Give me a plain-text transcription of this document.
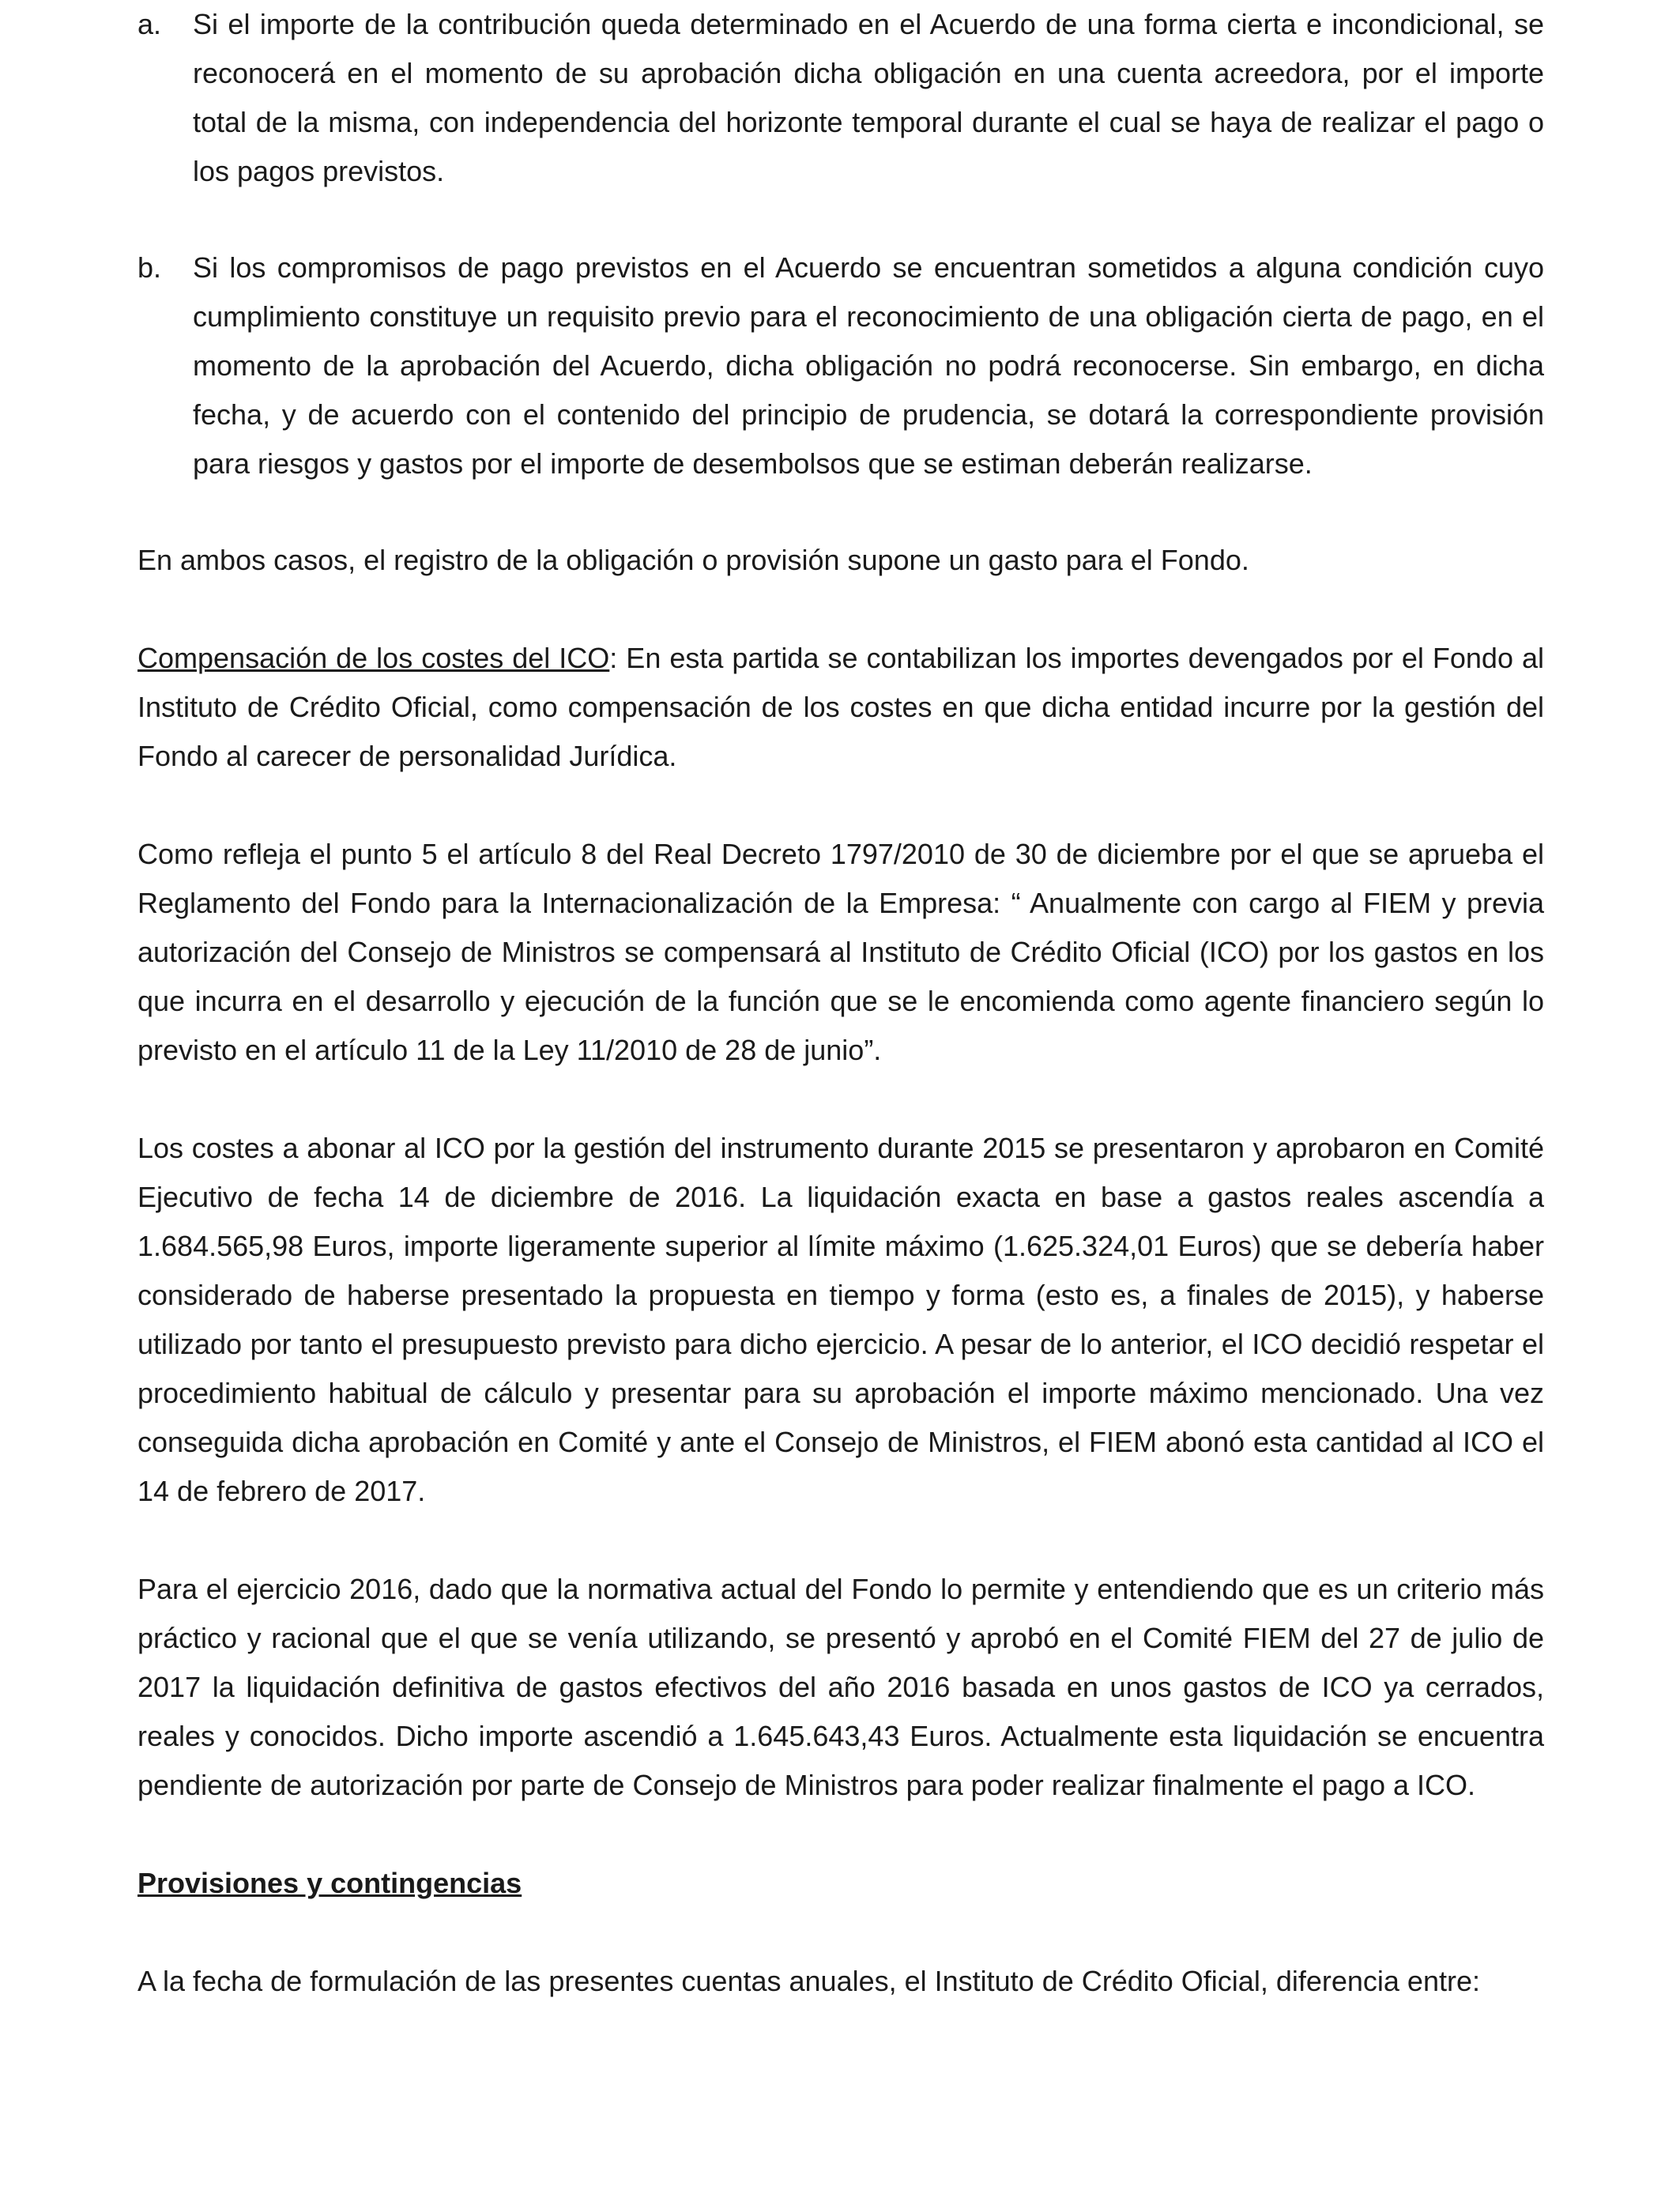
a. Si el importe de la contribución queda determinado en el Acuerdo de una forma cierta e incondicional, se reconocerá en el momento de su aprobación dicha obligación en una cuenta acreedora, por el importe total de la misma, con independencia del horizonte temporal durante el cual se haya de realizar el pago o los pagos previstos.

b. Si los compromisos de pago previstos en el Acuerdo se encuentran sometidos a alguna condición cuyo cumplimiento constituye un requisito previo para el reconocimiento de una obligación cierta de pago, en el momento de la aprobación del Acuerdo, dicha obligación no podrá reconocerse. Sin embargo, en dicha fecha, y de acuerdo con el contenido del principio de prudencia, se dotará la correspondiente provisión para riesgos y gastos por el importe de desembolsos que se estiman deberán realizarse.

En ambos casos, el registro de la obligación o provisión supone un gasto para el Fondo.

Compensación de los costes del ICO: En esta partida se contabilizan los importes devengados por el Fondo al Instituto de Crédito Oficial, como compensación de los costes en que dicha entidad incurre por la gestión del Fondo al carecer de personalidad Jurídica.

Como refleja el punto 5 el artículo 8 del Real Decreto 1797/2010 de 30 de diciembre por el que se aprueba el Reglamento del Fondo para la Internacionalización de la Empresa: “ Anualmente con cargo al FIEM y previa autorización del Consejo de Ministros se compensará al Instituto de Crédito Oficial (ICO) por los gastos en los que incurra en el desarrollo y ejecución de la función que se le encomienda como agente financiero según lo previsto en el artículo 11 de la Ley 11/2010 de 28 de junio”.

Los costes a abonar al ICO por la gestión del instrumento durante 2015 se presentaron y aprobaron en Comité Ejecutivo de fecha 14 de diciembre de 2016. La liquidación exacta en base a gastos reales ascendía a 1.684.565,98 Euros, importe ligeramente superior al límite máximo (1.625.324,01 Euros) que se debería haber considerado de haberse presentado la propuesta en tiempo y forma (esto es, a finales de 2015), y haberse utilizado por tanto el presupuesto previsto para dicho ejercicio. A pesar de lo anterior, el ICO decidió respetar el procedimiento habitual de cálculo y presentar para su aprobación el importe máximo mencionado. Una vez conseguida dicha aprobación en Comité y ante el Consejo de Ministros, el FIEM abonó esta cantidad al ICO el 14 de febrero de 2017.

Para el ejercicio 2016, dado que la normativa actual del Fondo lo permite y entendiendo que es un criterio más práctico y racional que el que se venía utilizando, se presentó y aprobó en el Comité FIEM del 27 de julio de 2017 la liquidación definitiva de gastos efectivos del año 2016 basada en unos gastos de ICO ya cerrados, reales y conocidos. Dicho importe ascendió a 1.645.643,43 Euros. Actualmente esta liquidación se encuentra pendiente de autorización por parte de Consejo de Ministros para poder realizar finalmente el pago a ICO.

Provisiones y contingencias

A la fecha de formulación de las presentes cuentas anuales, el Instituto de Crédito Oficial, diferencia entre:
